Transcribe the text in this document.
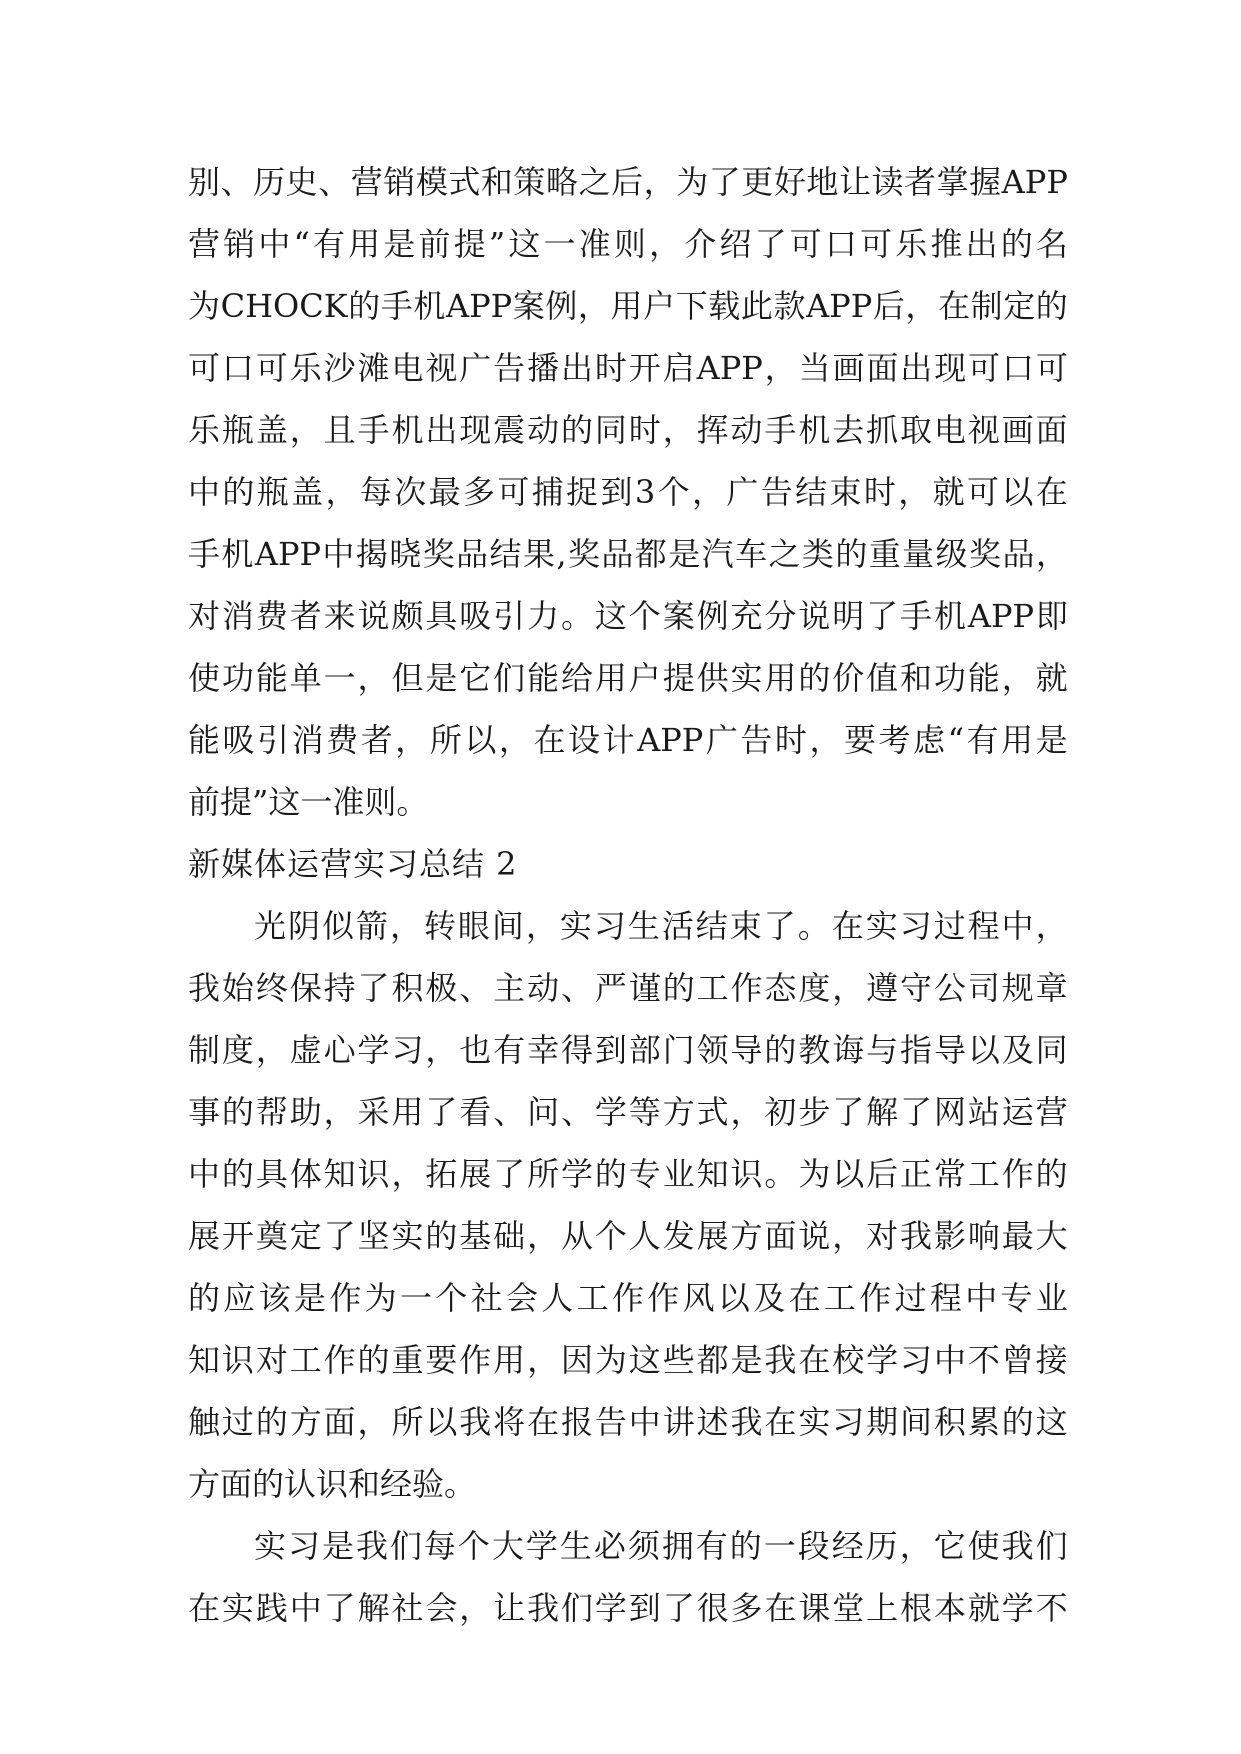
别 、 历 史 、 营 销 模 式 和 策 略 之 后 ， 为 了 更 好 地 让 读 者 掌 握 APP
营 销 中 “ 有 用 是 前 提 ” 这 一 准 则 ， 介 绍 了 可 口 可 乐 推 出 的 名
为 CHOCK 的 手 机 APP 案 例 ， 用 户 下 载 此 款 APP 后 ， 在 制 定 的
可 口 可 乐 沙 滩 电 视 广 告 播 出 时 开 启 APP ， 当 画 面 出 现 可 口 可
乐 瓶 盖 ， 且 手 机 出 现 震 动 的 同 时 ， 挥 动 手 机 去 抓 取 电 视 画 面
中 的 瓶 盖 ， 每 次 最 多 可 捕 捉 到 3 个 ， 广 告 结 束 时 ， 就 可 以 在
手 机 APP 中 揭 晓 奖 品 结 果 , 奖 品 都 是 汽 车 之 类 的 重 量 级 奖 品 ，
对 消 费 者 来 说 颇 具 吸 引 力 。 这 个 案 例 充 分 说 明 了 手 机 APP 即
使 功 能 单 一 ， 但 是 它 们 能 给 用 户 提 供 实 用 的 价 值 和 功 能 ， 就
能 吸 引 消 费 者 ， 所 以 ， 在 设 计 APP 广 告 时 ， 要 考 虑 “ 有 用 是
前提”这一准则。
新媒体运营实习总结 2
光 阴 似 箭 ， 转 眼 间 ， 实 习 生 活 结 束 了 。 在 实 习 过 程 中 ，
我 始 终 保 持 了 积 极 、 主 动 、 严 谨 的 工 作 态 度 ， 遵 守 公 司 规 章
制 度 ， 虚 心 学 习 ， 也 有 幸 得 到 部 门 领 导 的 教 诲 与 指 导 以 及 同
事 的 帮 助 ， 采 用 了 看 、 问 、 学 等 方 式 ， 初 步 了 解 了 网 站 运 营
中 的 具 体 知 识 ， 拓 展 了 所 学 的 专 业 知 识 。 为 以 后 正 常 工 作 的
展 开 奠 定 了 坚 实 的 基 础 ， 从 个 人 发 展 方 面 说 ， 对 我 影 响 最 大
的 应 该 是 作 为 一 个 社 会 人 工 作 作 风 以 及 在 工 作 过 程 中 专 业
知 识 对 工 作 的 重 要 作 用 ， 因 为 这 些 都 是 我 在 校 学 习 中 不 曾 接
触 过 的 方 面 ， 所 以 我 将 在 报 告 中 讲 述 我 在 实 习 期 间 积 累 的 这
方面的认识和经验。
实 习 是 我 们 每 个 大 学 生 必 须 拥 有 的 一 段 经 历 ， 它 使 我 们
在 实 践 中 了 解 社 会 ， 让 我 们 学 到 了 很 多 在 课 堂 上 根 本 就 学 不
